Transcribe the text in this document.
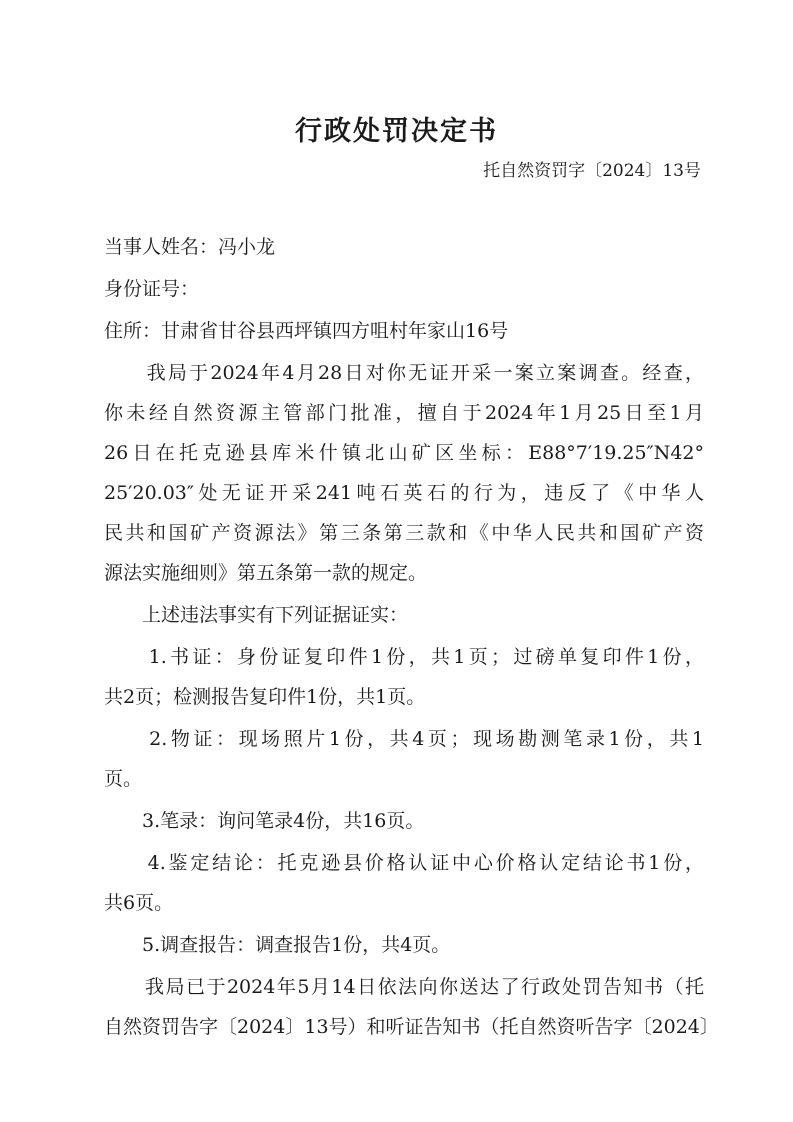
行政处罚决定书
托自然资罚字〔2024〕13号
当事人姓名：冯小龙
身份证号：
住所：甘肃省甘谷县西坪镇四方咀村年家山16号
　　我局于2024年4月28日对你无证开采一案立案调查。经查，
你未经自然资源主管部门批准，擅自于2024年1月25日至1月
26日在托克逊县库米什镇北山矿区坐标：E88°7′19.25″N42°
25′20.03″处无证开采241吨石英石的行为，违反了《中华人
民共和国矿产资源法》第三条第三款和《中华人民共和国矿产资
源法实施细则》第五条第一款的规定。
　　上述违法事实有下列证据证实：
　　1.书证：身份证复印件1份，共1页；过磅单复印件1份，
共2页；检测报告复印件1份，共1页。
　　2.物证：现场照片1份，共4页；现场勘测笔录1份，共1
页。
　　3.笔录：询问笔录4份，共16页。
　　4.鉴定结论：托克逊县价格认证中心价格认定结论书1份，
共6页。
　　5.调查报告：调查报告1份，共4页。
　　我局已于2024年5月14日依法向你送达了行政处罚告知书（托
自然资罚告字〔2024〕13号）和听证告知书（托自然资听告字〔2024〕
